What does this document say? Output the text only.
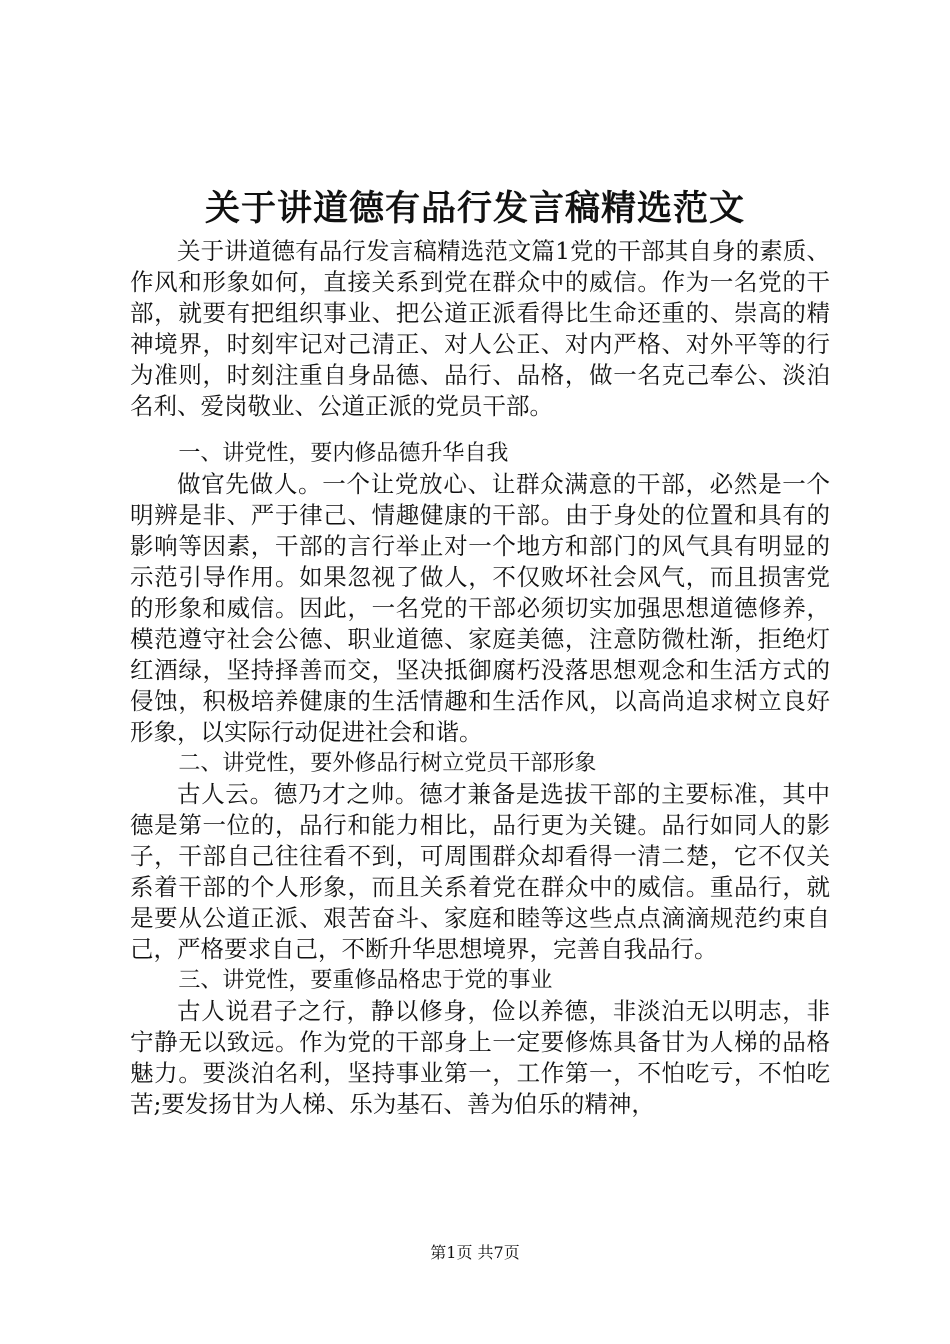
关于讲道德有品行发言稿精选范文

关于讲道德有品行发言稿精选范文篇1党的干部其自身的素质、作风和形象如何，直接关系到党在群众中的威信。作为一名党的干部，就要有把组织事业、把公道正派看得比生命还重的、崇高的精神境界，时刻牢记对己清正、对人公正、对内严格、对外平等的行为准则，时刻注重自身品德、品行、品格，做一名克己奉公、淡泊名利、爱岗敬业、公道正派的党员干部。

一、讲党性，要内修品德升华自我

做官先做人。一个让党放心、让群众满意的干部，必然是一个明辨是非、严于律己、情趣健康的干部。由于身处的位置和具有的影响等因素，干部的言行举止对一个地方和部门的风气具有明显的示范引导作用。如果忽视了做人，不仅败坏社会风气，而且损害党的形象和威信。因此，一名党的干部必须切实加强思想道德修养，模范遵守社会公德、职业道德、家庭美德，注意防微杜渐，拒绝灯红酒绿，坚持择善而交，坚决抵御腐朽没落思想观念和生活方式的侵蚀，积极培养健康的生活情趣和生活作风，以高尚追求树立良好形象，以实际行动促进社会和谐。

二、讲党性，要外修品行树立党员干部形象

古人云。德乃才之帅。德才兼备是选拔干部的主要标准，其中德是第一位的，品行和能力相比，品行更为关键。品行如同人的影子，干部自己往往看不到，可周围群众却看得一清二楚，它不仅关系着干部的个人形象，而且关系着党在群众中的威信。重品行，就是要从公道正派、艰苦奋斗、家庭和睦等这些点点滴滴规范约束自己，严格要求自己，不断升华思想境界，完善自我品行。

三、讲党性，要重修品格忠于党的事业

古人说君子之行，静以修身，俭以养德，非淡泊无以明志，非宁静无以致远。作为党的干部身上一定要修炼具备甘为人梯的品格魅力。要淡泊名利，坚持事业第一，工作第一，不怕吃亏，不怕吃苦;要发扬甘为人梯、乐为基石、善为伯乐的精神，

第1页 共7页
